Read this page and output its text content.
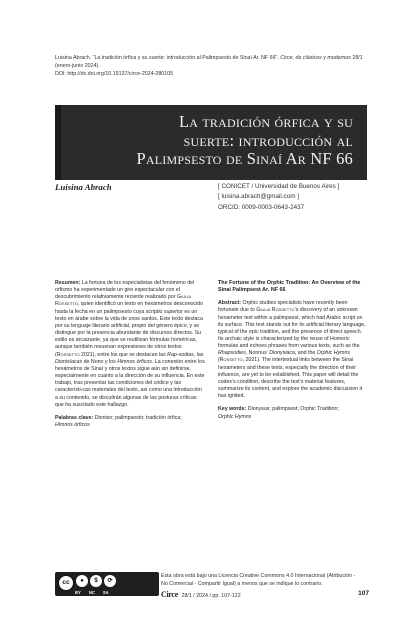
Luisina Abrach. “La tradición órfica y su suerte: introducción al Palimpsesto de Sinaí Ar. NF 66”. Circe, de clásicos y modernos 28/1 (enero-junio 2024).
DOI: http://dx.doi.org/10.19137/circe-2024-280105
La tradición órfica y su
suerte: introducción al
Palimpsesto de Sinaí Ar NF 66
Luisina Abrach	[ CONICET / Universidad de Buenos Aires ]
[ luisina.abrach@gmail.com ]
ORCID: 0009-0003-0643-2437

Resumen: La fortuna de los especialistas del fenómeno del orfismo ha experimentado un giro espectacular con el descubrimiento relativamente reciente realizado por Giulia Rossetto, quien identificó un texto en hexámetros desconocido hasta la fecha en un palimpsesto cuya scriptio superior es un texto en árabe sobre la vida de unos santos. Este texto destaca por su lenguaje literario artificial, propio del género épico, y se distingue por la presencia abundante de discursos directos. Su estilo es arcaizante, ya que se reutilizan fórmulas homéricas, aunque también resuenan expresiones de otros textos (Rossetto 2021), entre los que se destacan las Rap-sodias, las Dionisíacas de Nono y los Himnos órficos. La conexión entre los hexámetros de Sinaí y otros textos sigue aún sin definirse, especialmente en cuanto a la dirección de su influencia. En este trabajo, tras presentar las condiciones del códice y las característi-cas materiales del texto, así como una introducción a su contenido, se discutirán algunas de las posturas críticas que ha suscitado este hallazgo.

Palabras clave: Dioniso; palimpsesto; tradición órfica;
Himnos órficos

The Fortune of the Orphic Tradition: An Overview of the Sinai Palimpsest Ar. NF 66

Abstract: Orphic studies specialists have recently been fortunate due to Giulia Rossetto’s discovery of an unknown hexameter text within a palimpsest, which had Arabic script on its surface. This text stands out for its artificial literary language, typical of the epic tradition, and the presence of direct speech. Its archaic style is characterized by the reuse of Homeric formulas and echoes phrases from various texts, such as the Rhapsodies, Nonnus’ Dionysiaca, and the Orphic Hymns (Rossetto, 2021). The intertextual links between the Sinai hexameters and these texts, especially the direction of their influence, are yet to be established. This paper will detail the codex’s condition, describe the text’s material features, summarize its content, and explore the academic discussion it has ignited.

Key words: Dionysus; palimpsest; Orphic Tradition;
Orphic Hymns

cc	●	$	⟳
BY NC SA
Esta obra está bajo una Licencia Creative Commons 4.0 Internacional (Atribución - No Comercial - Compartir Igual) a menos que se indique lo contrario.
Circe 28/1 / 2024 / pp. 107-122	107
